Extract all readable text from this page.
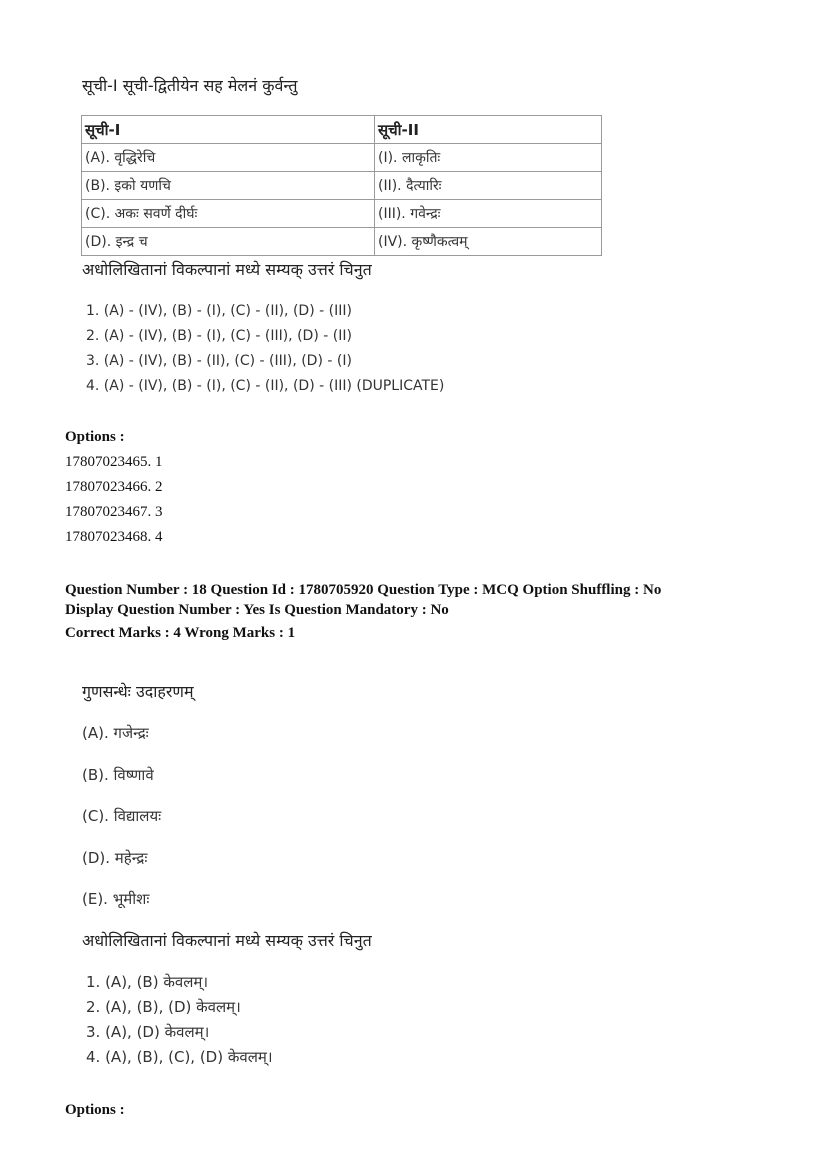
सूची-I सूची-द्वितीयेन सह मेलनं कुर्वन्तु
सूची-I	सूची-II
(A). वृद्धिरेचि	(I). लाकृतिः
(B). इको यणचि	(II). दैत्यारिः
(C). अकः सवर्णे दीर्घः	(III). गवेन्द्रः
(D). इन्द्र च	(IV). कृष्णैकत्वम्
अधोलिखितानां विकल्पानां मध्ये सम्यक् उत्तरं चिनुत
1. (A) - (IV), (B) - (I), (C) - (II), (D) - (III)
2. (A) - (IV), (B) - (I), (C) - (III), (D) - (II)
3. (A) - (IV), (B) - (II), (C) - (III), (D) - (I)
4. (A) - (IV), (B) - (I), (C) - (II), (D) - (III) (DUPLICATE)
Options :
17807023465. 1
17807023466. 2
17807023467. 3
17807023468. 4
Question Number : 18 Question Id : 1780705920 Question Type : MCQ Option Shuffling : No
Display Question Number : Yes Is Question Mandatory : No
Correct Marks : 4 Wrong Marks : 1
गुणसन्धेः उदाहरणम्
(A). गजेन्द्रः
(B). विष्णावे
(C). विद्यालयः
(D). महेन्द्रः
(E). भूमीशः
अधोलिखितानां विकल्पानां मध्ये सम्यक् उत्तरं चिनुत
1. (A), (B) केवलम्।
2. (A), (B), (D) केवलम्।
3. (A), (D) केवलम्।
4. (A), (B), (C), (D) केवलम्।
Options :
